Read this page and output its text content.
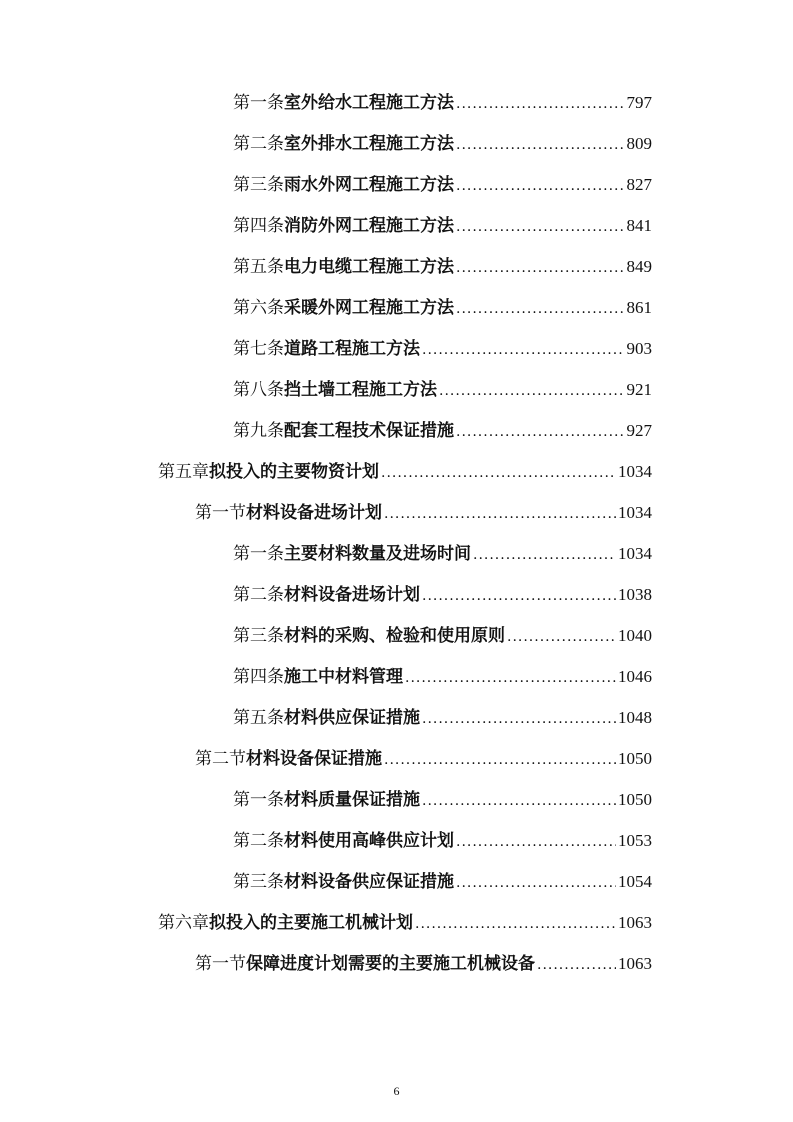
第一条 室外给水工程施工方法 .....	797
第二条 室外排水工程施工方法 .....	809
第三条 雨水外网工程施工方法 .....	827
第四条 消防外网工程施工方法 .....	841
第五条 电力电缆工程施工方法 .....	849
第六条 采暖外网工程施工方法 .....	861
第七条 道路工程施工方法 .....	903
第八条 挡土墙工程施工方法 .....	921
第九条 配套工程技术保证措施 .....	927
第五章 拟投入的主要物资计划 .....	1034
第一节 材料设备进场计划 .....	1034
第一条 主要材料数量及进场时间 .....	1034
第二条 材料设备进场计划 .....	1038
第三条 材料的采购、检验和使用原则 .....	1040
第四条 施工中材料管理 .....	1046
第五条 材料供应保证措施 .....	1048
第二节 材料设备保证措施 .....	1050
第一条 材料质量保证措施 .....	1050
第二条 材料使用高峰供应计划 .....	1053
第三条 材料设备供应保证措施 .....	1054
第六章 拟投入的主要施工机械计划 .....	1063
第一节 保障进度计划需要的主要施工机械设备 .....	1063
6
